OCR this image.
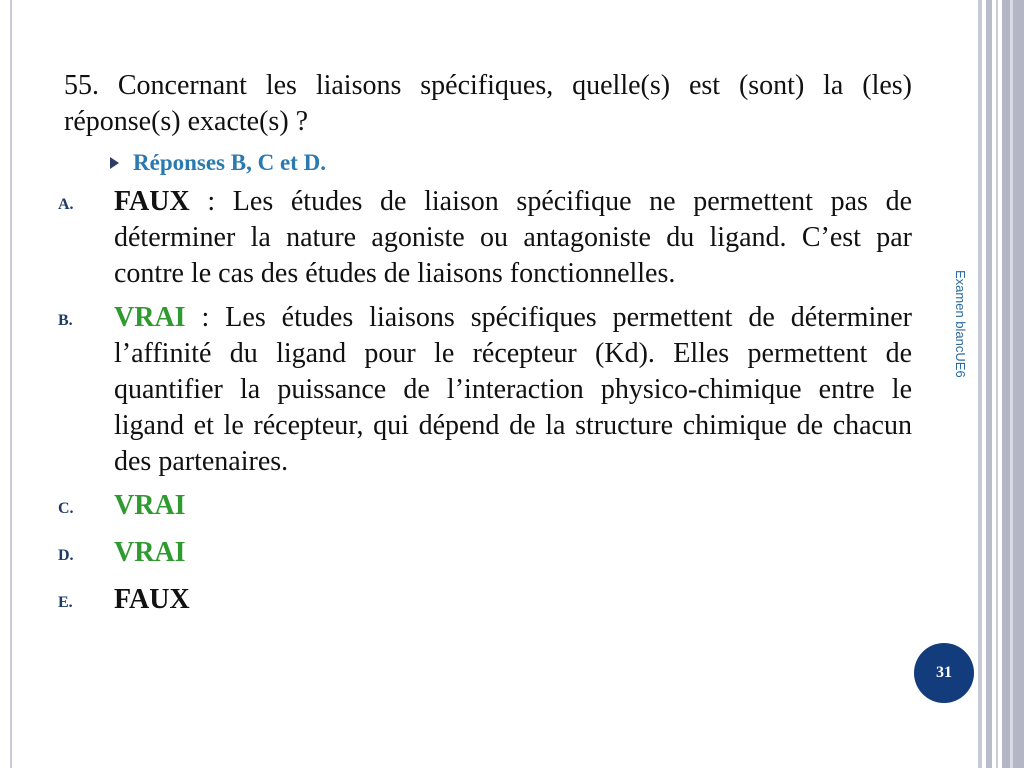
55. Concernant les liaisons spécifiques, quelle(s) est (sont) la (les) réponse(s) exacte(s) ?

Réponses B, C et D.
A.	FAUX : Les études de liaison spécifique ne permettent pas de déterminer la nature agoniste ou antagoniste du ligand. C’est par contre le cas des études de liaisons fonctionnelles.
B.	VRAI : Les études liaisons spécifiques permettent de déterminer l’affinité du ligand pour le récepteur (Kd). Elles permettent de quantifier la puissance de l’interaction physico-chimique entre le ligand et le récepteur, qui dépend de la structure chimique de chacun des partenaires.
C.	VRAI
D.	VRAI
E.	FAUX
Examen blancUE6
31
